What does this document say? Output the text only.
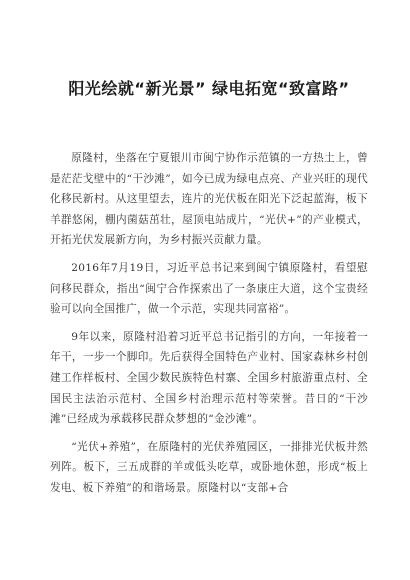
阳光绘就“新光景” 绿电拓宽“致富路”

原隆村，坐落在宁夏银川市闽宁协作示范镇的一方热土上，曾是茫茫戈壁中的“干沙滩”，如今已成为绿电点亮、产业兴旺的现代化移民新村。从这里望去，连片的光伏板在阳光下泛起蓝海，板下羊群悠闲，棚内菌菇茁壮，屋顶电站成片，“光伏+”的产业模式，开拓光伏发展新方向，为乡村振兴贡献力量。

2016年7月19日，习近平总书记来到闽宁镇原隆村，看望慰问移民群众，指出“闽宁合作探索出了一条康庄大道，这个宝贵经验可以向全国推广，做一个示范，实现共同富裕”。

9年以来，原隆村沿着习近平总书记指引的方向，一年接着一年干，一步一个脚印。先后获得全国特色产业村、国家森林乡村创建工作样板村、全国少数民族特色村寨、全国乡村旅游重点村、全国民主法治示范村、全国乡村治理示范村等荣誉。昔日的“干沙滩”已经成为承载移民群众梦想的“金沙滩”。

“光伏+养殖”，在原隆村的光伏养殖园区，一排排光伏板井然列阵。板下，三五成群的羊或低头吃草，或卧地休憩，形成“板上发电、板下养殖”的和谐场景。原隆村以“支部+合
